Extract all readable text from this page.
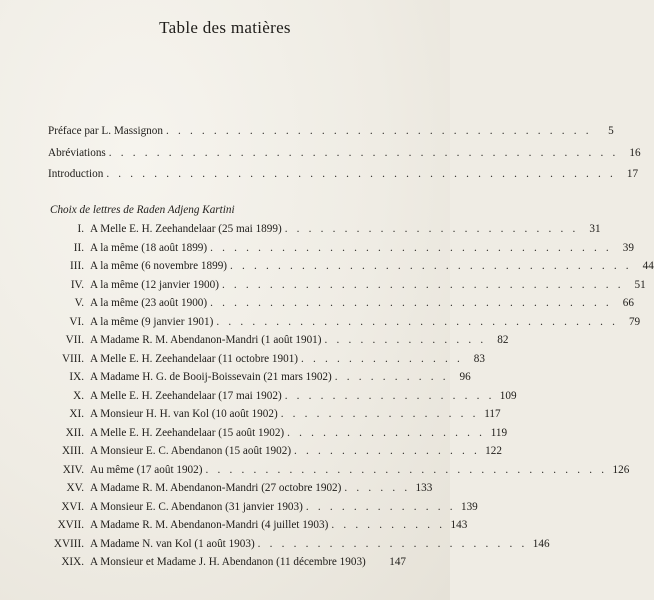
Table des matières
Préface par L. Massignon . . . . . . . . . . . . . . . . . . . . . . . . . . . . . . . . . . . .	5
Abréviations . . . . . . . . . . . . . . . . . . . . . . . . . . . . . . . . . . . . . . . . . . . 16
Introduction . . . . . . . . . . . . . . . . . . . . . . . . . . . . . . . . . . . . . . . . . . . 17
Choix de lettres de Raden Adjeng Kartini
I. A Melle E. H. Zeehandelaar (25 mai 1899) . . . . . . . . . . . . . . . . . . . . . . . . . 31
II. A la même (18 août 1899) . . . . . . . . . . . . . . . . . . . . . . . . . . . . . . . . . . 39
III. A la même (6 novembre 1899) . . . . . . . . . . . . . . . . . . . . . . . . . . . . . . . . . . 44
IV. A la même (12 janvier 1900) . . . . . . . . . . . . . . . . . . . . . . . . . . . . . . . . . . 51
V. A la même (23 août 1900) . . . . . . . . . . . . . . . . . . . . . . . . . . . . . . . . . . 66
VI. A la même (9 janvier 1901) . . . . . . . . . . . . . . . . . . . . . . . . . . . . . . . . . . 79
VII. A Madame R. M. Abendanon-Mandri (1 août 1901) . . . . . . . . . . . . . . 82
VIII. A Melle E. H. Zeehandelaar (11 octobre 1901) . . . . . . . . . . . . . . 83
IX. A Madame H. G. de Booij-Boissevain (21 mars 1902) . . . . . . . . . . 96
X. A Melle E. H. Zeehandelaar (17 mai 1902) . . . . . . . . . . . . . . . . . . 109
XI. A Monsieur H. H. van Kol (10 août 1902) . . . . . . . . . . . . . . . . . 117
XII. A Melle E. H. Zeehandelaar (15 août 1902) . . . . . . . . . . . . . . . . . 119
XIII. A Monsieur E. C. Abendanon (15 août 1902) . . . . . . . . . . . . . . . . 122
XIV. Au même (17 août 1902) . . . . . . . . . . . . . . . . . . . . . . . . . . . . . . . . . . 126
XV. A Madame R. M. Abendanon-Mandri (27 octobre 1902) . . . . . . 133
XVI. A Monsieur E. C. Abendanon (31 janvier 1903) . . . . . . . . . . . . . 139
XVII. A Madame R. M. Abendanon-Mandri (4 juillet 1903) . . . . . . . . . . 143
XVIII. A Madame N. van Kol (1 août 1903) . . . . . . . . . . . . . . . . . . . . . . . 146
XIX. A Monsieur et Madame J. H. Abendanon (11 décembre 1903)	147
